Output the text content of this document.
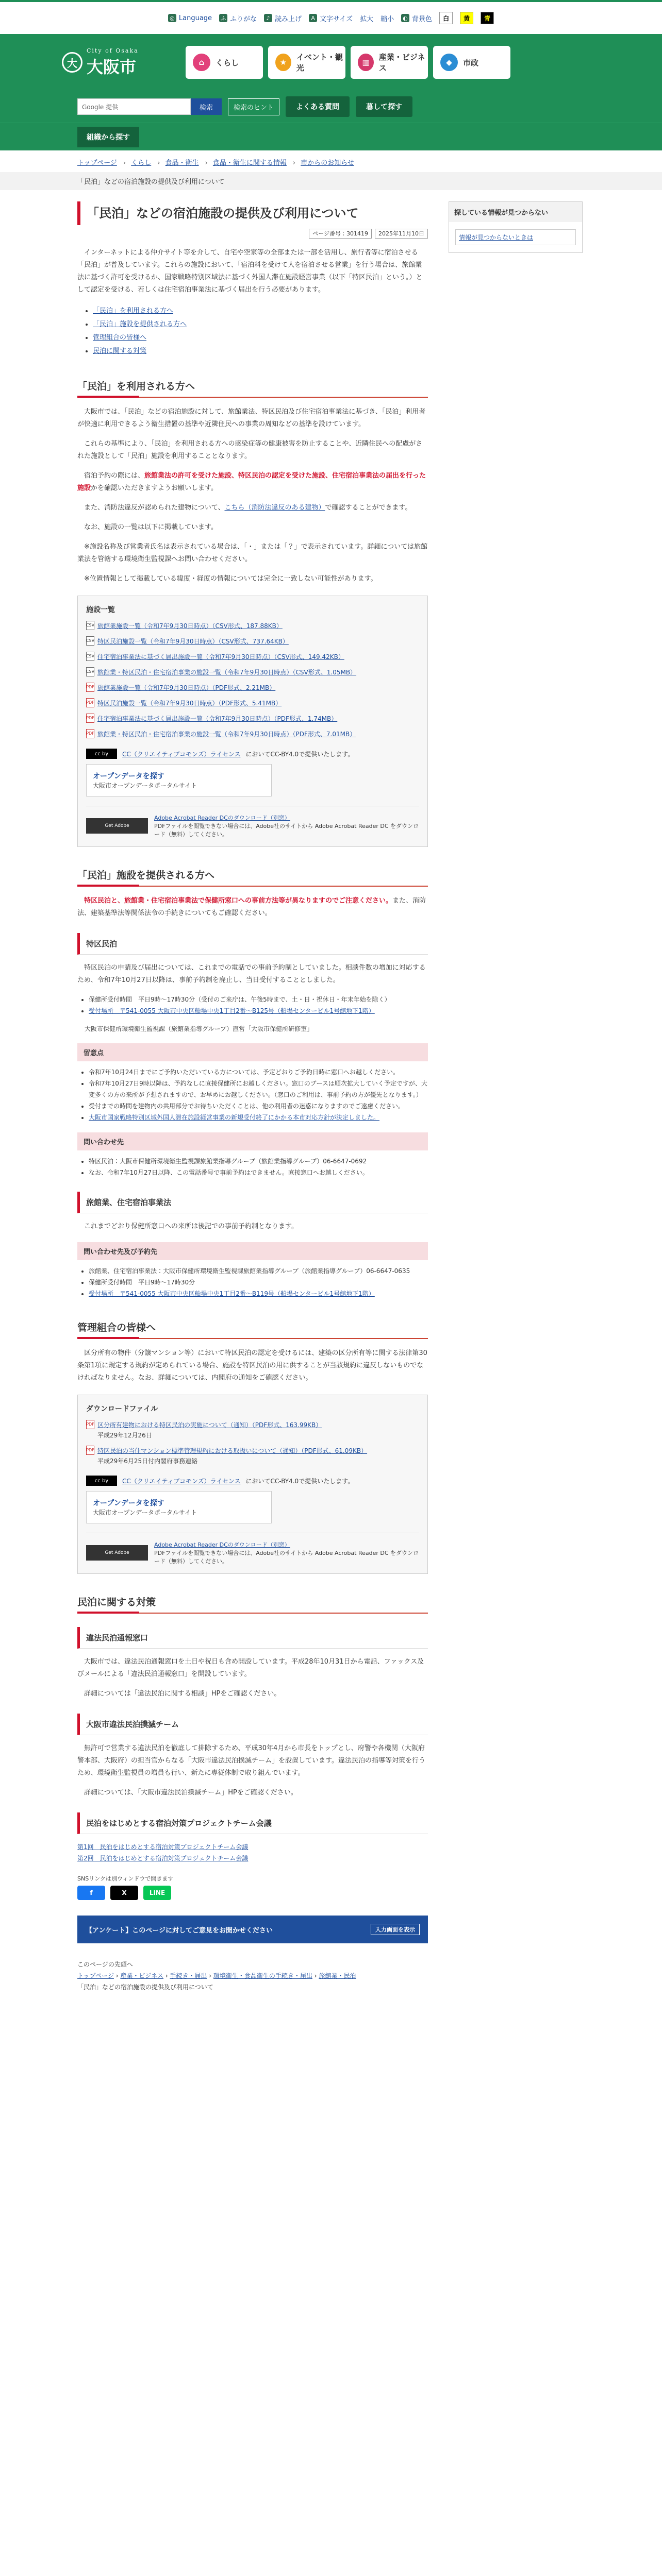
◎ Language ふ ふりがな	♪ 読み上げ	A 文字サイズ 拡大 縮小 ◐ 背景色	白	黄	青
大
City of Osaka
大阪市	⌂	くらし	★
イベント・観光
▥
産業・ビジネス
◆	市政
Google 提供	検索	検索のヒント	よくある質問	暮して探す
組織から探す
トップページ › くらし › 食品・衛生 › 食品・衛生に関する情報 › 市からのお知らせ
「民泊」などの宿泊施設の提供及び利用について
「民泊」などの宿泊施設の提供及び利用について
ページ番号：301419 2025年11月10日

インターネットによる仲介サイト等を介して、自宅や空家等の全部または一部を活用し、旅行者等に宿泊させる「民泊」が普及しています。これらの施設において、「宿泊料を受けて人を宿泊させる営業」を行う場合は、旅館業法に基づく許可を受けるか、国家戦略特別区域法に基づく外国人滞在施設経営事業（以下「特区民泊」という。）として認定を受ける、若しくは住宅宿泊事業法に基づく届出を行う必要があります。

• 「民泊」を利用される方へ
• 「民泊」施設を提供される方へ
• 管理組合の皆様へ
• 民泊に関する対策
「民泊」を利用される方へ

大阪市では、「民泊」などの宿泊施設に対して、旅館業法、特区民泊及び住宅宿泊事業法に基づき、「民泊」利用者が快適に利用できるよう衛生措置の基準や近隣住民への事業の周知などの基準を設けています。

これらの基準により、「民泊」を利用される方への感染症等の健康被害を防止することや、近隣住民への配慮がされた施設として「民泊」施設を利用することとなります。

宿泊予約の際には、旅館業法の許可を受けた施設、特区民泊の認定を受けた施設、住宅宿泊事業法の届出を行った施設かを確認いただきますようお願いします。

また、消防法違反が認められた建物について、こちら（消防法違反のある建物）で確認することができます。

なお、施設の一覧は以下に掲載しています。

※施設名称及び営業者氏名は表示されている場合は、「・」または「？」で表示されています。詳細については旅館業法を管轄する環境衛生監視課へお問い合わせください。

※位置情報として掲載している緯度・経度の情報については完全に一致しない可能性があります。

施設一覧
CSV 旅館業施設一覧（令和7年9月30日時点）（CSV形式、187.88KB）
CSV 特区民泊施設一覧（令和7年9月30日時点）（CSV形式、737.64KB）
CSV 住宅宿泊事業法に基づく届出施設一覧（令和7年9月30日時点）（CSV形式、149.42KB）
CSV 旅館業・特区民泊・住宅宿泊事業の施設一覧（令和7年9月30日時点）（CSV形式、1.05MB）
PDF 旅館業施設一覧（令和7年9月30日時点）（PDF形式、2.21MB）
PDF 特区民泊施設一覧（令和7年9月30日時点）（PDF形式、5.41MB）
PDF 住宅宿泊事業法に基づく届出施設一覧（令和7年9月30日時点）（PDF形式、1.74MB）
PDF 旅館業・特区民泊・住宅宿泊事業の施設一覧（令和7年9月30日時点）（PDF形式、7.01MB）
cc by	CC（クリエイティブコモンズ）ライセンス においてCC-BY4.0で提供いたします。
オープンデータを探す
大阪市オープンデータポータルサイト
Get Adobe
Adobe Acrobat Reader DCのダウンロード（別窓）
PDFファイルを閲覧できない場合には、Adobe社のサイトから Adobe Acrobat Reader DC をダウンロード（無料）してください。
「民泊」施設を提供される方へ

特区民泊と、旅館業・住宅宿泊事業法で保健所窓口への事前方法等が異なりますのでご注意ください。また、消防法、建築基準法等関係法令の手続きについてもご確認ください。

特区民泊

特区民泊の申請及び届出については、これまでの電話での事前予約制としていました。相談件数の増加に対応するため、令和7年10月27日以降は、事前予約制を廃止し、当日受付することとしました。

• 保健所受付時間　平日9時〜17時30分（受付のご来庁は、午後5時まで、土・日・祝休日・年末年始を除く）
• 受付場所　〒541-0055 大阪市中央区船場中央1丁目2番〜B125号（船場センタービル1号館地下1階）

大阪市保健所環境衛生監視課（旅館業指導グループ）直営「大阪市保健所研修室」

留意点
• 令和7年10月24日までにご予約いただいている方については、予定どおりご予約日時に窓口へお越しください。
• 令和7年10月27日9時以降は、予約なしに直接保健所にお越しください。窓口のブースは順次拡大していく予定ですが、大変多くの方の来所が予想されますので、お早めにお越しください。（窓口のご利用は、事前予約の方が優先となります。）
• 受付までの時間を建物内の共用部分でお待ちいただくことは、他の利用者の迷惑になりますのでご遠慮ください。
• 大阪市国家戦略特別区域外国人滞在施設経営事業の新規受付終了にかかる本市対応方針が決定しました。
問い合わせ先
• 特区民泊：大阪市保健所環境衛生監視課旅館業指導グループ（旅館業指導グループ）06-6647-0692
• なお、令和7年10月27日以降、この電話番号で事前予約はできません。直接窓口へお越しください。
旅館業、住宅宿泊事業法

これまでどおり保健所窓口への来所は後記での事前予約制となります。

問い合わせ先及び予約先
• 旅館業、住宅宿泊事業法：大阪市保健所環境衛生監視課旅館業指導グループ（旅館業指導グループ）06-6647-0635
• 保健所受付時間　平日9時〜17時30分
• 受付場所　〒541-0055 大阪市中央区船場中央1丁目2番〜B119号（船場センタービル1号館地下1階）
管理組合の皆様へ

区分所有の物件（分譲マンション等）において特区民泊の認定を受けるには、建築の区分所有等に関する法律第30条第1項に規定する規約が定められている場合、施設を特区民泊の用に供することが当該規約に違反しないものでなければなりません。なお、詳細については、内閣府の通知をご確認ください。

ダウンロードファイル
PDF 区分所有建物における特区民泊の実施について（通知）（PDF形式、163.99KB）
平成29年12月26日
PDF 特区民泊の当住マンション標準管理規約における取扱いについて（通知）（PDF形式、61.09KB）
平成29年6月25日付内閣府事務連絡
cc by	CC（クリエイティブコモンズ）ライセンス においてCC-BY4.0で提供いたします。
オープンデータを探す
大阪市オープンデータポータルサイト
Get Adobe
Adobe Acrobat Reader DCのダウンロード（別窓）
PDFファイルを閲覧できない場合には、Adobe社のサイトから Adobe Acrobat Reader DC をダウンロード（無料）してください。
民泊に関する対策
違法民泊通報窓口

大阪市では、違法民泊通報窓口を土日や祝日も含め開設しています。平成28年10月31日から電話、ファックス及びメールによる「違法民泊通報窓口」を開設しています。

詳細については「違法民泊に関する相談」HPをご確認ください。

大阪市違法民泊撲滅チーム

無許可で営業する違法民泊を徹底して排除するため、平成30年4月から市長をトップとし、府警や各機関（大阪府警本部、大阪府）の担当官からなる「大阪市違法民泊撲滅チーム」を設置しています。違法民泊の指導等対策を行うため、環境衛生監視員の増員も行い、新たに専従体制で取り組んでいます。

詳細については、「大阪市違法民泊撲滅チーム」HPをご確認ください。

民泊をはじめとする宿泊対策プロジェクトチーム会議
第1回　民泊をはじめとする宿泊対策プロジェクトチーム会議
第2回　民泊をはじめとする宿泊対策プロジェクトチーム会議
SNSリンクは別ウィンドウで開きます
f	X	LINE
【アンケート】このページに対してご意見をお聞かせください	入力画面を表示
探している情報が見つからない
情報が見つからないときは
このページの先頭へ
トップページ › 産業・ビジネス › 手続き・届出 › 環境衛生・食品衛生の手続き・届出 › 旅館業・民泊
「民泊」などの宿泊施設の提供及び利用について
